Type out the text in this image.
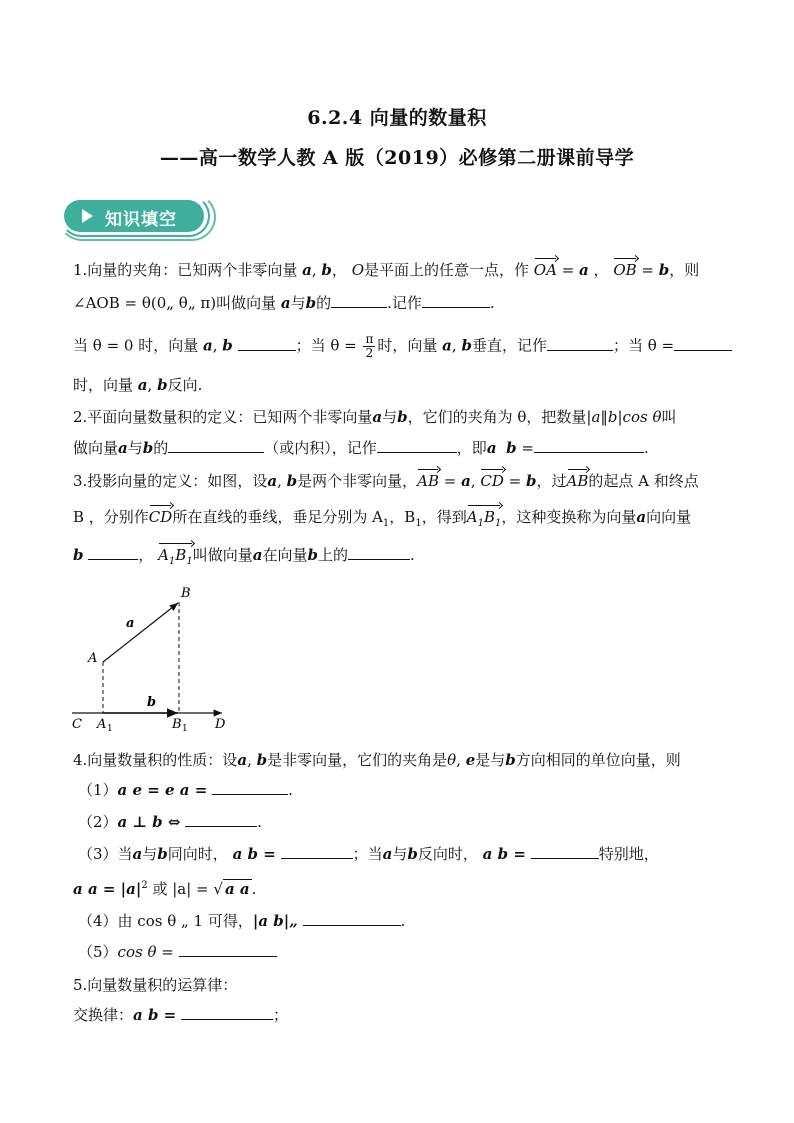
6.2.4 向量的数量积
——高一数学人教 A 版（2019）必修第二册课前导学
知识填空
1.向量的夹角：已知两个非零向量 a, b， O是平面上的任意一点，作 OA = a ， OB = b，则
∠AOB = θ(0„ θ„ π)叫做向量 a与b的	.记作	.
当 θ = 0 时，向量 a, b	；当 $\theta = \frac{\pi}{2}$ 时，向量 a, b垂直，记作	；当 θ =
时，向量 a, b反向.
2.平面向量数量积的定义：已知两个非零向量a与b，它们的夹角为 θ，把数量|a‖b|cos θ叫
做向量a与b的	（或内积），记作	，即a b =	.
3.投影向量的定义：如图，设a, b是两个非零向量，AB = a, CD = b，过AB的起点 A 和终点
B ，分别作CD所在直线的垂线，垂足分别为 $A_1$，$B_1$，得到$A_1B_1$，这种变换称为向量a向向量
b	， $A_1B_1$叫做向量a在向量b上的	.
A
B
C	D
A 1	B 1
a
b
4.向量数量积的性质：设a, b是非零向量，它们的夹角是θ, e是与b方向相同的单位向量，则
（1）a e = e a =	.
（2）a ⊥ b ⇔	.
（3）当a与b同向时， a b =	；当a与b反向时， a b =	特别地，
a $a = |a|^2$ 或 |a| = √ a a .
（4）由 cos θ „ 1 可得，|a b|„	.
（5）cos θ =
5.向量数量积的运算律：
交换律：a b =	；
